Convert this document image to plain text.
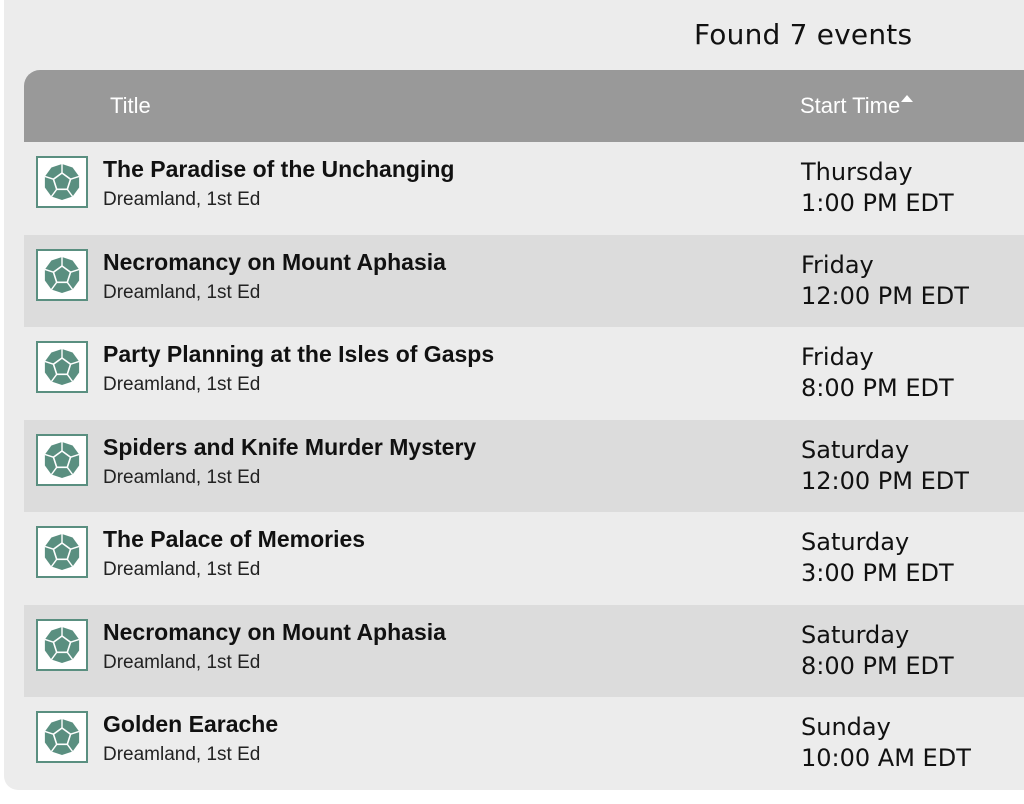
Found 7 events
Title	Start Time
The Paradise of the Unchanging
Dreamland, 1st Ed
Thursday
1:00 PM EDT
Necromancy on Mount Aphasia
Dreamland, 1st Ed
Friday
12:00 PM EDT
Party Planning at the Isles of Gasps
Dreamland, 1st Ed
Friday
8:00 PM EDT
Spiders and Knife Murder Mystery
Dreamland, 1st Ed
Saturday
12:00 PM EDT
The Palace of Memories
Dreamland, 1st Ed
Saturday
3:00 PM EDT
Necromancy on Mount Aphasia
Dreamland, 1st Ed
Saturday
8:00 PM EDT
Golden Earache
Dreamland, 1st Ed
Sunday
10:00 AM EDT
